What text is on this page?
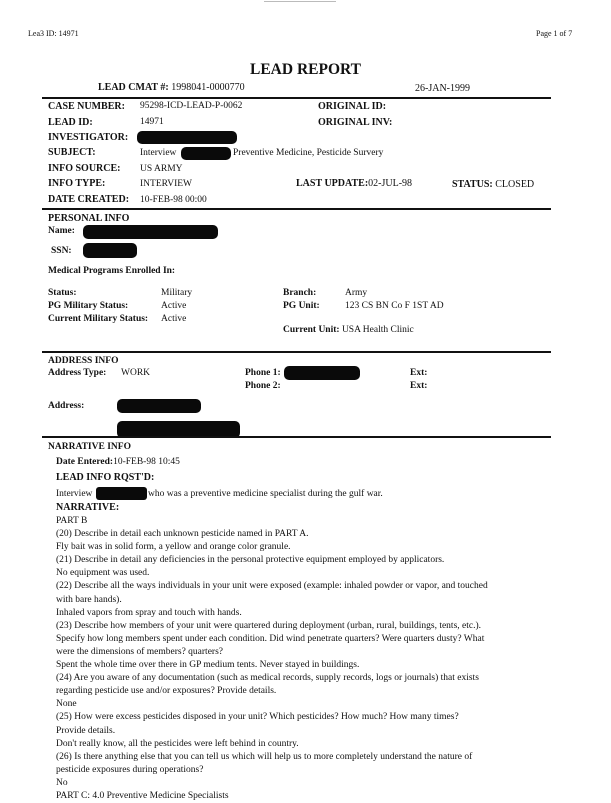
Lea3 ID: 14971	Page 1 of 7
LEAD REPORT
LEAD CMAT #: 1998041-0000770	26-JAN-1999
CASE NUMBER: 95298-ICD-LEAD-P-0062	ORIGINAL ID:
LEAD ID:	14971	ORIGINAL INV:
INVESTIGATOR:
SUBJECT:	Interview	Preventive Medicine, Pesticide Survery
INFO SOURCE: US ARMY
INFO TYPE:	INTERVIEW	LAST UPDATE:02-JUL-98	STATUS: CLOSED
DATE CREATED: 10-FEB-98 00:00
PERSONAL INFO
Name:
SSN:
Medical Programs Enrolled In:
Status:	Military
PG Military Status:	Active
Current Military Status: Active
Branch:	Army
PG Unit:	123 CS BN Co F 1ST AD
Current Unit: USA Health Clinic
ADDRESS INFO
Address Type: WORK	Phone 1:	Ext:
Phone 2:	Ext:
Address:
NARRATIVE INFO
Date Entered:10-FEB-98 10:45
LEAD INFO RQST'D:
Interview	who was a preventive medicine specialist during the gulf war.
NARRATIVE:
PART B
(20) Describe in detail each unknown pesticide named in PART A.
Fly bait was in solid form, a yellow and orange color granule.
(21) Describe in detail any deficiencies in the personal protective equipment employed by applicators.
No equipment was used.
(22) Describe all the ways individuals in your unit were exposed (example: inhaled powder or vapor, and touched
with bare hands).
Inhaled vapors from spray and touch with hands.
(23) Describe how members of your unit were quartered during deployment (urban, rural, buildings, tents, etc.).
Specify how long members spent under each condition. Did wind penetrate quarters? Were quarters dusty? What
were the dimensions of members? quarters?
Spent the whole time over there in GP medium tents. Never stayed in buildings.
(24) Are you aware of any documentation (such as medical records, supply records, logs or journals) that exists
regarding pesticide use and/or exposures? Provide details.
None
(25) How were excess pesticides disposed in your unit? Which pesticides? How much? How many times?
Provide details.
Don't really know, all the pesticides were left behind in country.
(26) Is there anything else that you can tell us which will help us to more completely understand the nature of
pesticide exposures during operations?
No
PART C: 4.0 Preventive Medicine Specialists
